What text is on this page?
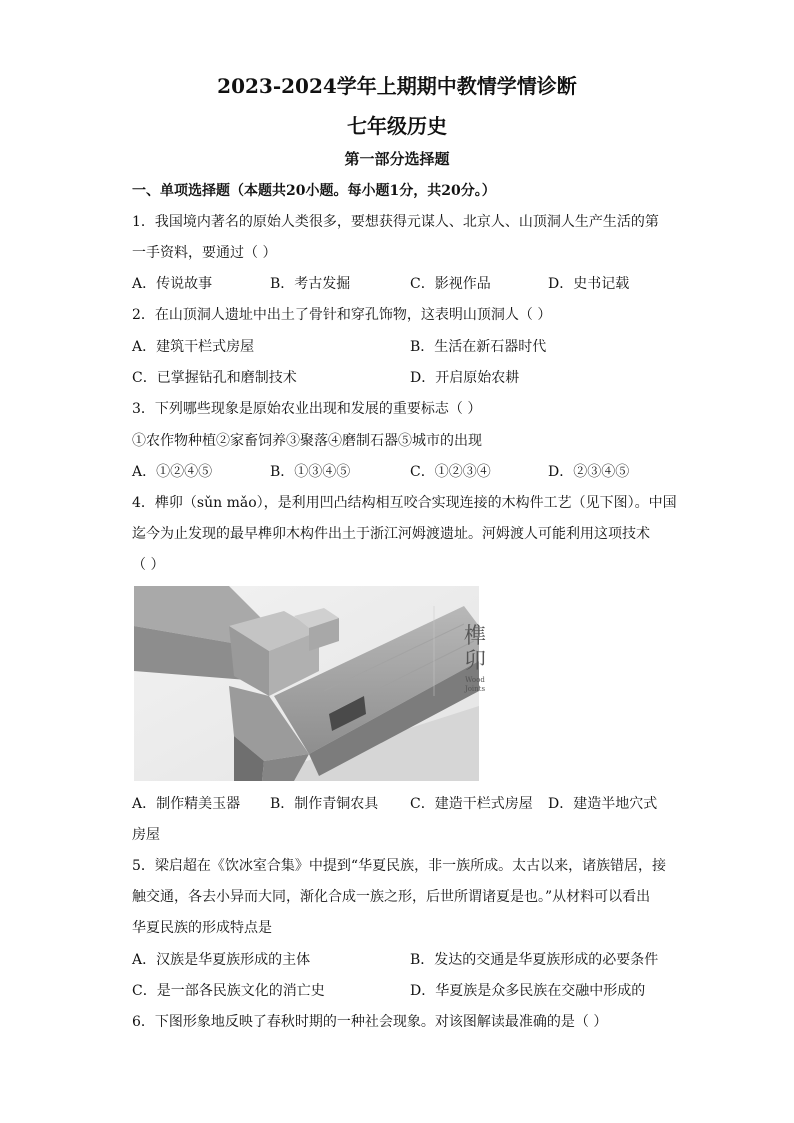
2023-2024学年上期期中教情学情诊断
七年级历史
第一部分选择题
一、单项选择题（本题共20小题。每小题1分，共20分。）
1．我国境内著名的原始人类很多，要想获得元谋人、北京人、山顶洞人生产生活的第
一手资料，要通过（ ）
A．传说故事	B．考古发掘	C．影视作品	D．史书记载
2．在山顶洞人遗址中出土了骨针和穿孔饰物，这表明山顶洞人（ ）
A．建筑干栏式房屋	B．生活在新石器时代
C．已掌握钻孔和磨制技术	D．开启原始农耕
3．下列哪些现象是原始农业出现和发展的重要标志（ ）
①农作物种植②家畜饲养③聚落④磨制石器⑤城市的出现
A．①②④⑤	B．①③④⑤	C．①②③④	D．②③④⑤
4．榫卯（sǔn mǎo），是利用凹凸结构相互咬合实现连接的木构件工艺（见下图）。中国
迄今为止发现的最早榫卯木构件出土于浙江河姆渡遗址。河姆渡人可能利用这项技术
（ ）
榫
卯
Wood
Joints
A．制作精美玉器 B．制作青铜农具 C．建造干栏式房屋 D．建造半地穴式
房屋
5．梁启超在《饮冰室合集》中提到“华夏民族，非一族所成。太古以来，诸族错居，接
触交通，各去小异而大同，渐化合成一族之形，后世所谓诸夏是也。”从材料可以看出
华夏民族的形成特点是
A．汉族是华夏族形成的主体	B．发达的交通是华夏族形成的必要条件
C．是一部各民族文化的消亡史	D．华夏族是众多民族在交融中形成的
6．下图形象地反映了春秋时期的一种社会现象。对该图解读最准确的是（ ）
